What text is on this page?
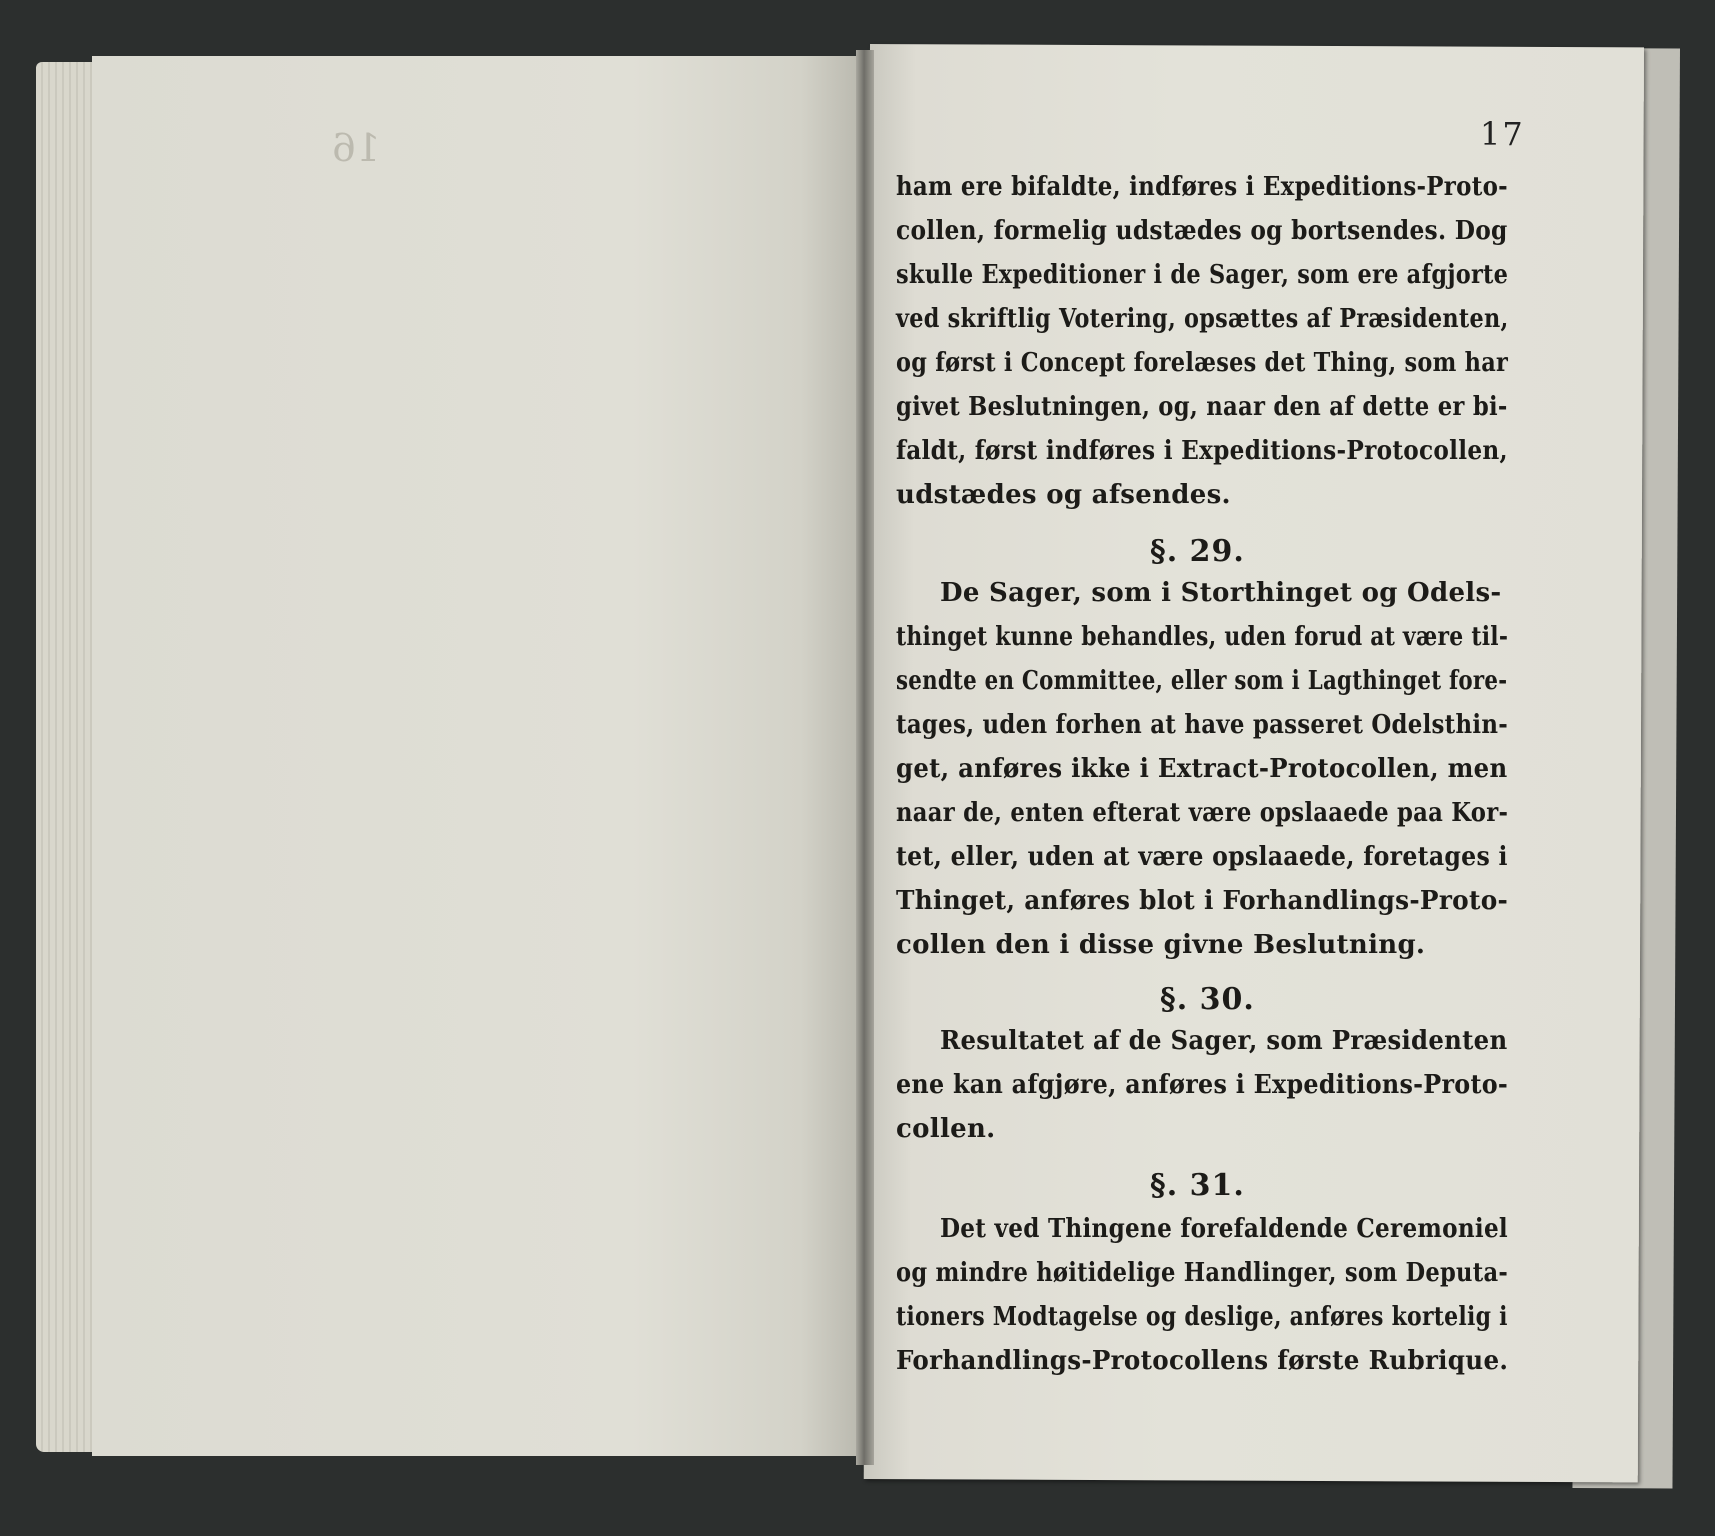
16	17
ham ere bifaldte, indføres i Expeditions-Proto-
collen, formelig udstædes og bortsendes. Dog
skulle Expeditioner i de Sager, som ere afgjorte
ved skriftlig Votering, opsættes af Præsidenten,
og først i Concept forelæses det Thing, som har
givet Beslutningen, og, naar den af dette er bi-
faldt, først indføres i Expeditions-Protocollen,
udstædes og afsendes.
§. 29.
De Sager, som i Storthinget og Odels-
thinget kunne behandles, uden forud at være til-
sendte en Committee, eller som i Lagthinget fore-
tages, uden forhen at have passeret Odelsthin-
get, anføres ikke i Extract-Protocollen, men
naar de, enten efterat være opslaaede paa Kor-
tet, eller, uden at være opslaaede, foretages i
Thinget, anføres blot i Forhandlings-Proto-
collen den i disse givne Beslutning.
§. 30.
Resultatet af de Sager, som Præsidenten
ene kan afgjøre, anføres i Expeditions-Proto-
collen.
§. 31.
Det ved Thingene forefaldende Ceremoniel
og mindre høitidelige Handlinger, som Deputa-
tioners Modtagelse og deslige, anføres kortelig i
Forhandlings-Protocollens første Rubrique.
